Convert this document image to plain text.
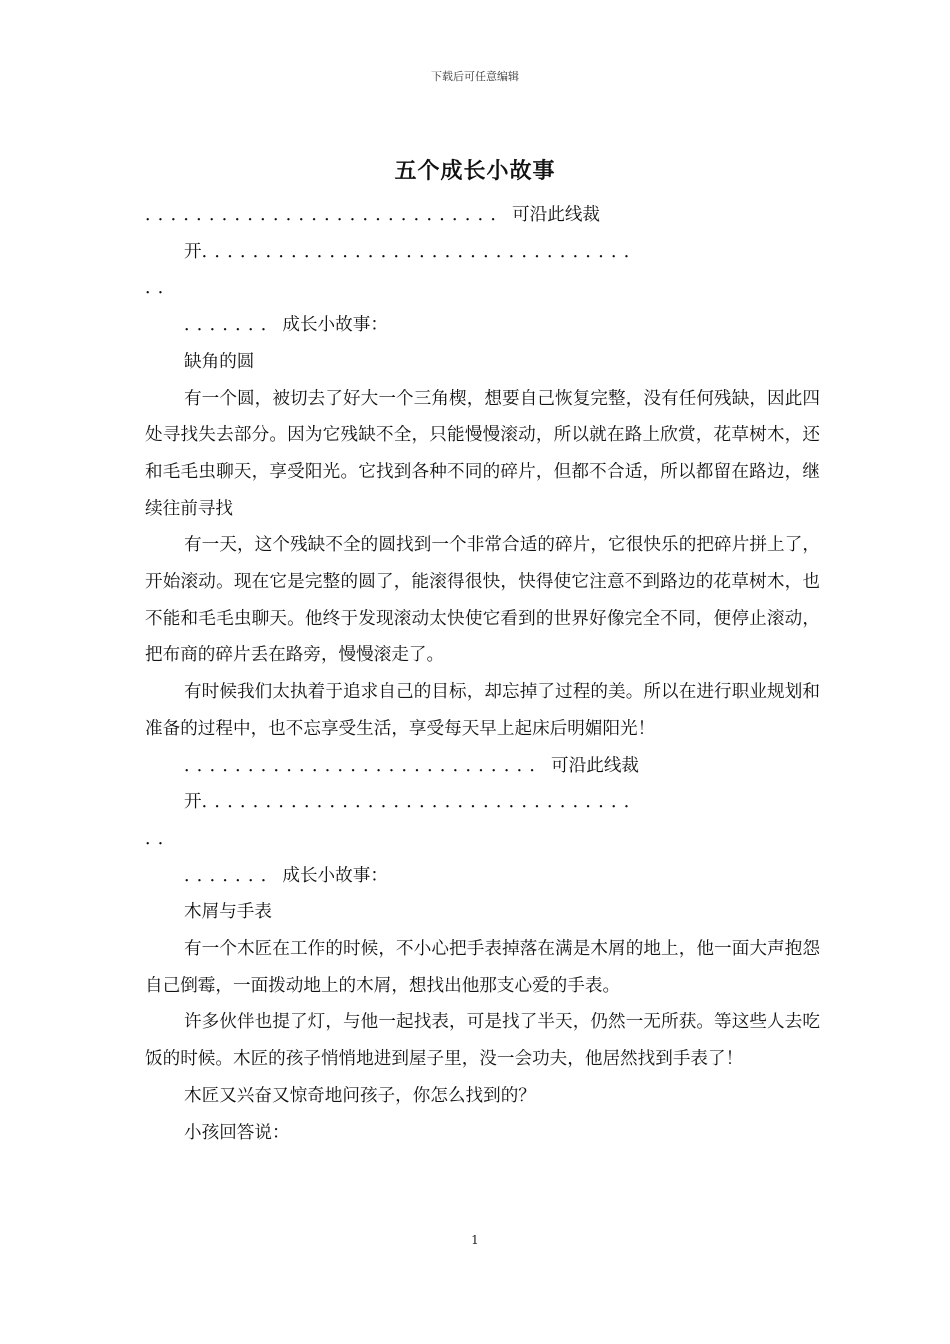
下载后可任意编辑
五个成长小故事

．．．．．．．．．．．．．．．．．．．．．．．．．．．．可沿此线裁

开．．．．．．．．．．．．．．．．．．．．．．．．．．．．．．．．．．

．．

．．．．．．．成长小故事：

缺角的圆

有一个圆，被切去了好大一个三角楔，想要自己恢复完整，没有任何残缺，因此四处寻找失去部分。因为它残缺不全，只能慢慢滚动，所以就在路上欣赏，花草树木，还和毛毛虫聊天，享受阳光。它找到各种不同的碎片，但都不合适，所以都留在路边，继续往前寻找

有一天，这个残缺不全的圆找到一个非常合适的碎片，它很快乐的把碎片拼上了，开始滚动。现在它是完整的圆了，能滚得很快，快得使它注意不到路边的花草树木，也不能和毛毛虫聊天。他终于发现滚动太快使它看到的世界好像完全不同，便停止滚动，把布商的碎片丢在路旁，慢慢滚走了。

有时候我们太执着于追求自己的目标，却忘掉了过程的美。所以在进行职业规划和准备的过程中，也不忘享受生活，享受每天早上起床后明媚阳光！

．．．．．．．．．．．．．．．．．．．．．．．．．．．．可沿此线裁

开．．．．．．．．．．．．．．．．．．．．．．．．．．．．．．．．．．

．．

．．．．．．．成长小故事：

木屑与手表

有一个木匠在工作的时候，不小心把手表掉落在满是木屑的地上，他一面大声抱怨自己倒霉，一面拨动地上的木屑，想找出他那支心爱的手表。

许多伙伴也提了灯，与他一起找表，可是找了半天，仍然一无所获。等这些人去吃饭的时候。木匠的孩子悄悄地进到屋子里，没一会功夫，他居然找到手表了！

木匠又兴奋又惊奇地问孩子，你怎么找到的？

小孩回答说：

1
